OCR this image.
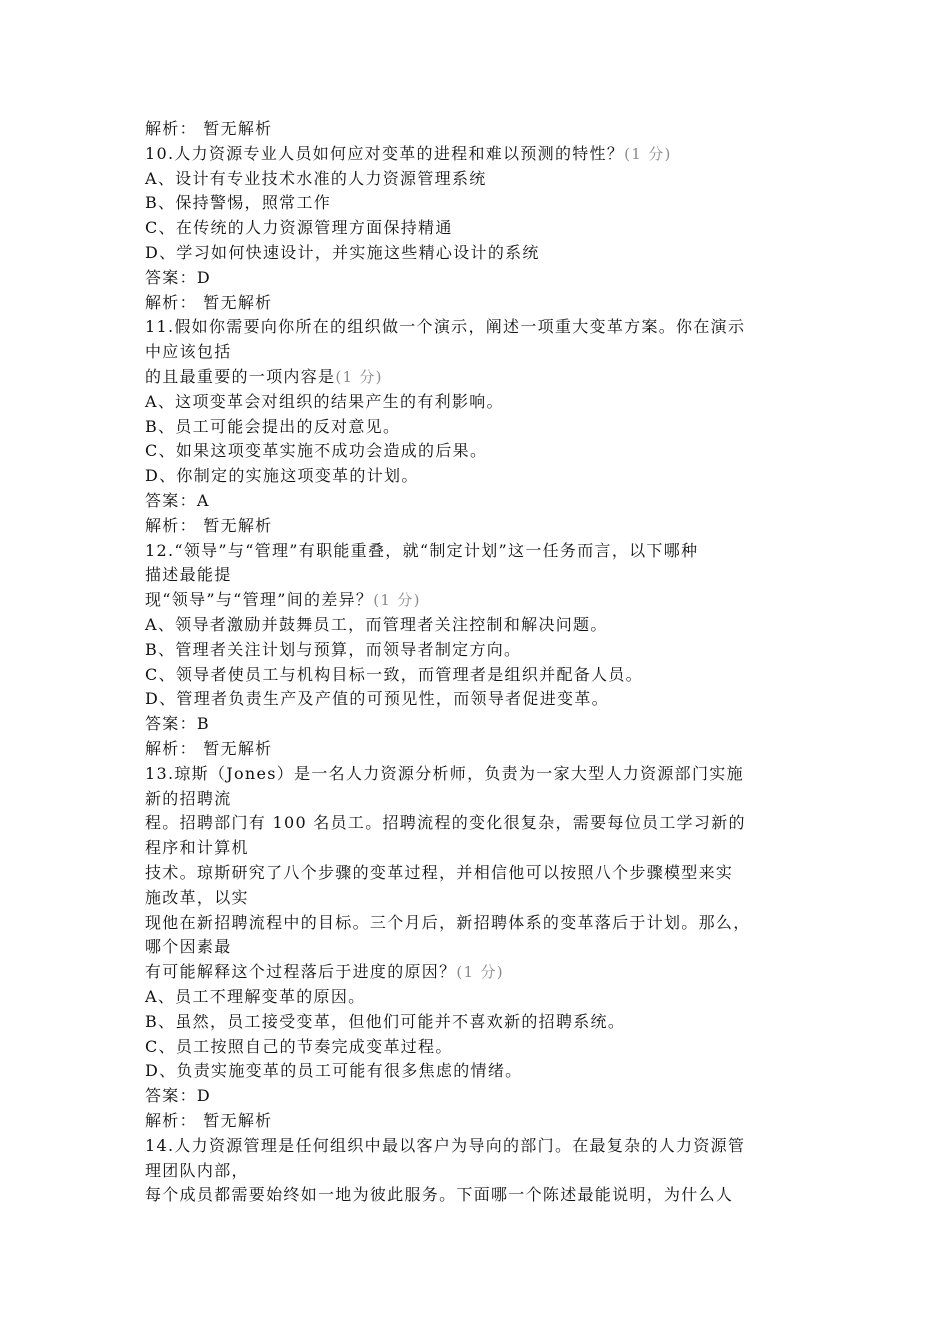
解析： 暂无解析
10.人力资源专业人员如何应对变革的进程和难以预测的特性？(1 分)
A、设计有专业技术水准的人力资源管理系统
B、保持警惕，照常工作
C、在传统的人力资源管理方面保持精通
D、学习如何快速设计，并实施这些精心设计的系统
答案：D
解析： 暂无解析
11.假如你需要向你所在的组织做一个演示，阐述一项重大变革方案。你在演示
中应该包括
的且最重要的一项内容是(1 分)
A、这项变革会对组织的结果产生的有利影响。
B、员工可能会提出的反对意见。
C、如果这项变革实施不成功会造成的后果。
D、你制定的实施这项变革的计划。
答案：A
解析： 暂无解析
12.“领导”与“管理”有职能重叠，就“制定计划”这一任务而言，以下哪种
描述最能提
现“领导”与“管理”间的差异？(1 分)
A、领导者激励并鼓舞员工，而管理者关注控制和解决问题。
B、管理者关注计划与预算，而领导者制定方向。
C、领导者使员工与机构目标一致，而管理者是组织并配备人员。
D、管理者负责生产及产值的可预见性，而领导者促进变革。
答案：B
解析： 暂无解析
13.琼斯（Jones）是一名人力资源分析师，负责为一家大型人力资源部门实施
新的招聘流
程。招聘部门有 100 名员工。招聘流程的变化很复杂，需要每位员工学习新的
程序和计算机
技术。琼斯研究了八个步骤的变革过程，并相信他可以按照八个步骤模型来实
施改革，以实
现他在新招聘流程中的目标。三个月后，新招聘体系的变革落后于计划。那么，
哪个因素最
有可能解释这个过程落后于进度的原因？(1 分)
A、员工不理解变革的原因。
B、虽然，员工接受变革，但他们可能并不喜欢新的招聘系统。
C、员工按照自己的节奏完成变革过程。
D、负责实施变革的员工可能有很多焦虑的情绪。
答案：D
解析： 暂无解析
14.人力资源管理是任何组织中最以客户为导向的部门。在最复杂的人力资源管
理团队内部，
每个成员都需要始终如一地为彼此服务。下面哪一个陈述最能说明，为什么人
